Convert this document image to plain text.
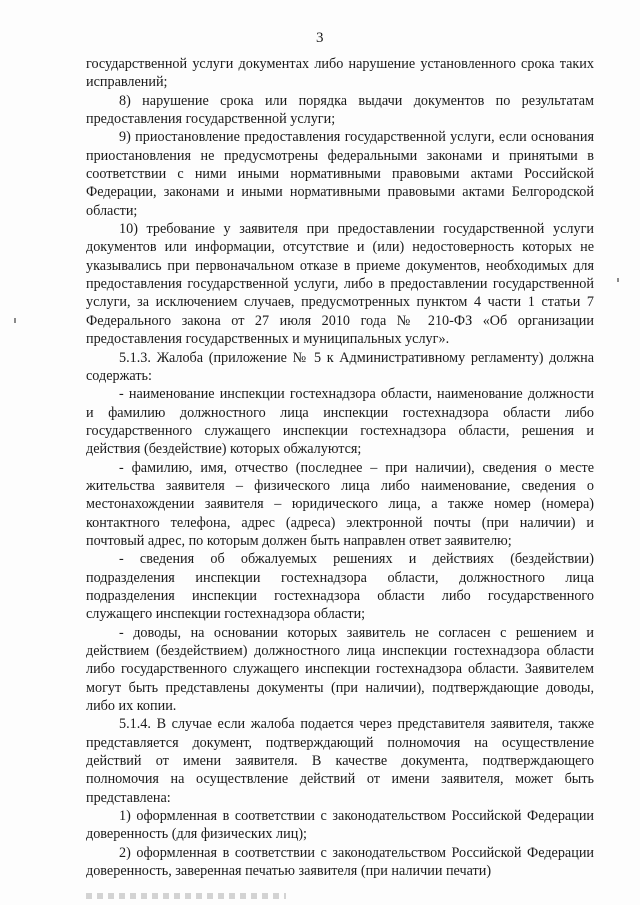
3

государственной услуги документах либо нарушение установленного срока таких исправлений;

8) нарушение срока или порядка выдачи документов по результатам предоставления государственной услуги;

9) приостановление предоставления государственной услуги, если основания приостановления не предусмотрены федеральными законами и принятыми в соответствии с ними иными нормативными правовыми актами Российской Федерации, законами и иными нормативными правовыми актами Белгородской области;

10) требование у заявителя при предоставлении государственной услуги документов или информации, отсутствие и (или) недостоверность которых не указывались при первоначальном отказе в приеме документов, необходимых для предоставления государственной услуги, либо в предоставлении государственной услуги, за исключением случаев, предусмотренных пунктом 4 части 1 статьи 7 Федерального закона от 27 июля 2010 года № 210-ФЗ «Об организации предоставления государственных и муниципальных услуг».

5.1.3. Жалоба (приложение № 5 к Административному регламенту) должна содержать:

- наименование инспекции гостехнадзора области, наименование должности и фамилию должностного лица инспекции гостехнадзора области либо государственного служащего инспекции гостехнадзора области, решения и действия (бездействие) которых обжалуются;

- фамилию, имя, отчество (последнее – при наличии), сведения о месте жительства заявителя – физического лица либо наименование, сведения о местонахождении заявителя – юридического лица, а также номер (номера) контактного телефона, адрес (адреса) электронной почты (при наличии) и почтовый адрес, по которым должен быть направлен ответ заявителю;

- сведения об обжалуемых решениях и действиях (бездействии) подразделения инспекции гостехнадзора области, должностного лица подразделения инспекции гостехнадзора области либо государственного служащего инспекции гостехнадзора области;

- доводы, на основании которых заявитель не согласен с решением и действием (бездействием) должностного лица инспекции гостехнадзора области либо государственного служащего инспекции гостехнадзора области. Заявителем могут быть представлены документы (при наличии), подтверждающие доводы, либо их копии.

5.1.4. В случае если жалоба подается через представителя заявителя, также представляется документ, подтверждающий полномочия на осуществление действий от имени заявителя. В качестве документа, подтверждающего полномочия на осуществление действий от имени заявителя, может быть представлена:

1) оформленная в соответствии с законодательством Российской Федерации доверенность (для физических лиц);

2) оформленная в соответствии с законодательством Российской Федерации доверенность, заверенная печатью заявителя (при наличии печати)
